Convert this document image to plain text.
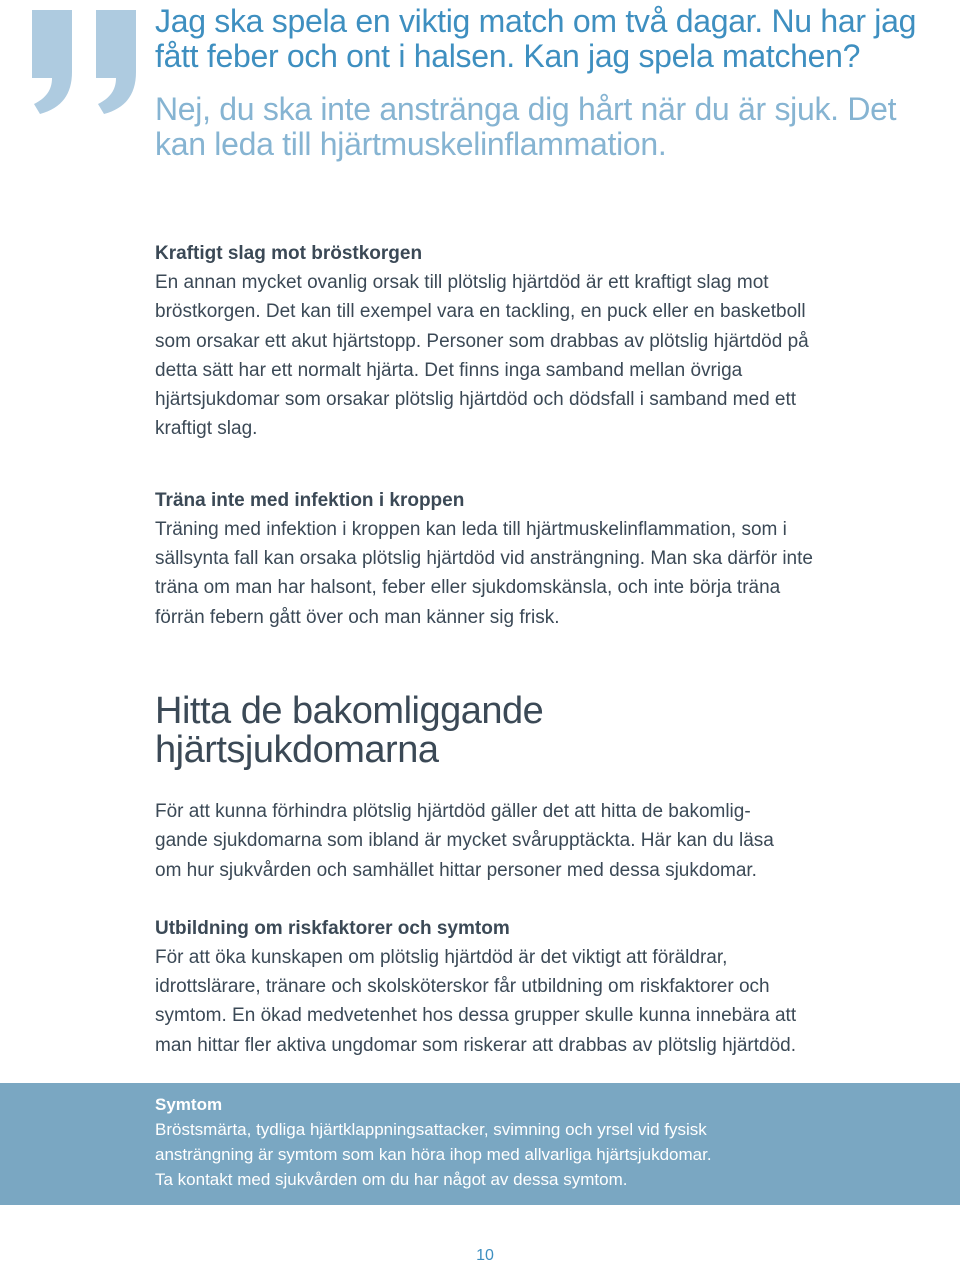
Jag ska spela en viktig match om två dagar. Nu har jag fått feber och ont i halsen. Kan jag spela matchen?

Nej, du ska inte anstränga dig hårt när du är sjuk. Det kan leda till hjärtmuskelinflammation.

Kraftigt slag mot bröstkorgen

En annan mycket ovanlig orsak till plötslig hjärtdöd är ett kraftigt slag mot bröstkorgen. Det kan till exempel vara en tackling, en puck eller en basketboll som orsakar ett akut hjärtstopp. Personer som drabbas av plötslig hjärtdöd på detta sätt har ett normalt hjärta. Det finns inga samband mellan övriga hjärtsjukdomar som orsakar plötslig hjärtdöd och dödsfall i samband med ett kraftigt slag.

Träna inte med infektion i kroppen

Träning med infektion i kroppen kan leda till hjärtmuskelinflammation, som i sällsynta fall kan orsaka plötslig hjärtdöd vid ansträngning. Man ska därför inte träna om man har halsont, feber eller sjukdomskänsla, och inte börja träna förrän febern gått över och man känner sig frisk.

Hitta de bakomliggande
hjärtsjukdomarna

För att kunna förhindra plötslig hjärtdöd gäller det att hitta de bakomlig-
gande sjukdomarna som ibland är mycket svårupptäckta. Här kan du läsa
om hur sjukvården och samhället hittar personer med dessa sjukdomar.

Utbildning om riskfaktorer och symtom

För att öka kunskapen om plötslig hjärtdöd är det viktigt att föräldrar, idrottslärare, tränare och skolsköterskor får utbildning om riskfaktorer och symtom. En ökad medvetenhet hos dessa grupper skulle kunna innebära att man hittar fler aktiva ungdomar som riskerar att drabbas av plötslig hjärtdöd.

Symtom

Bröstsmärta, tydliga hjärtklappningsattacker, svimning och yrsel vid fysisk
ansträngning är symtom som kan höra ihop med allvarliga hjärtsjukdomar.
Ta kontakt med sjukvården om du har något av dessa symtom.

10
